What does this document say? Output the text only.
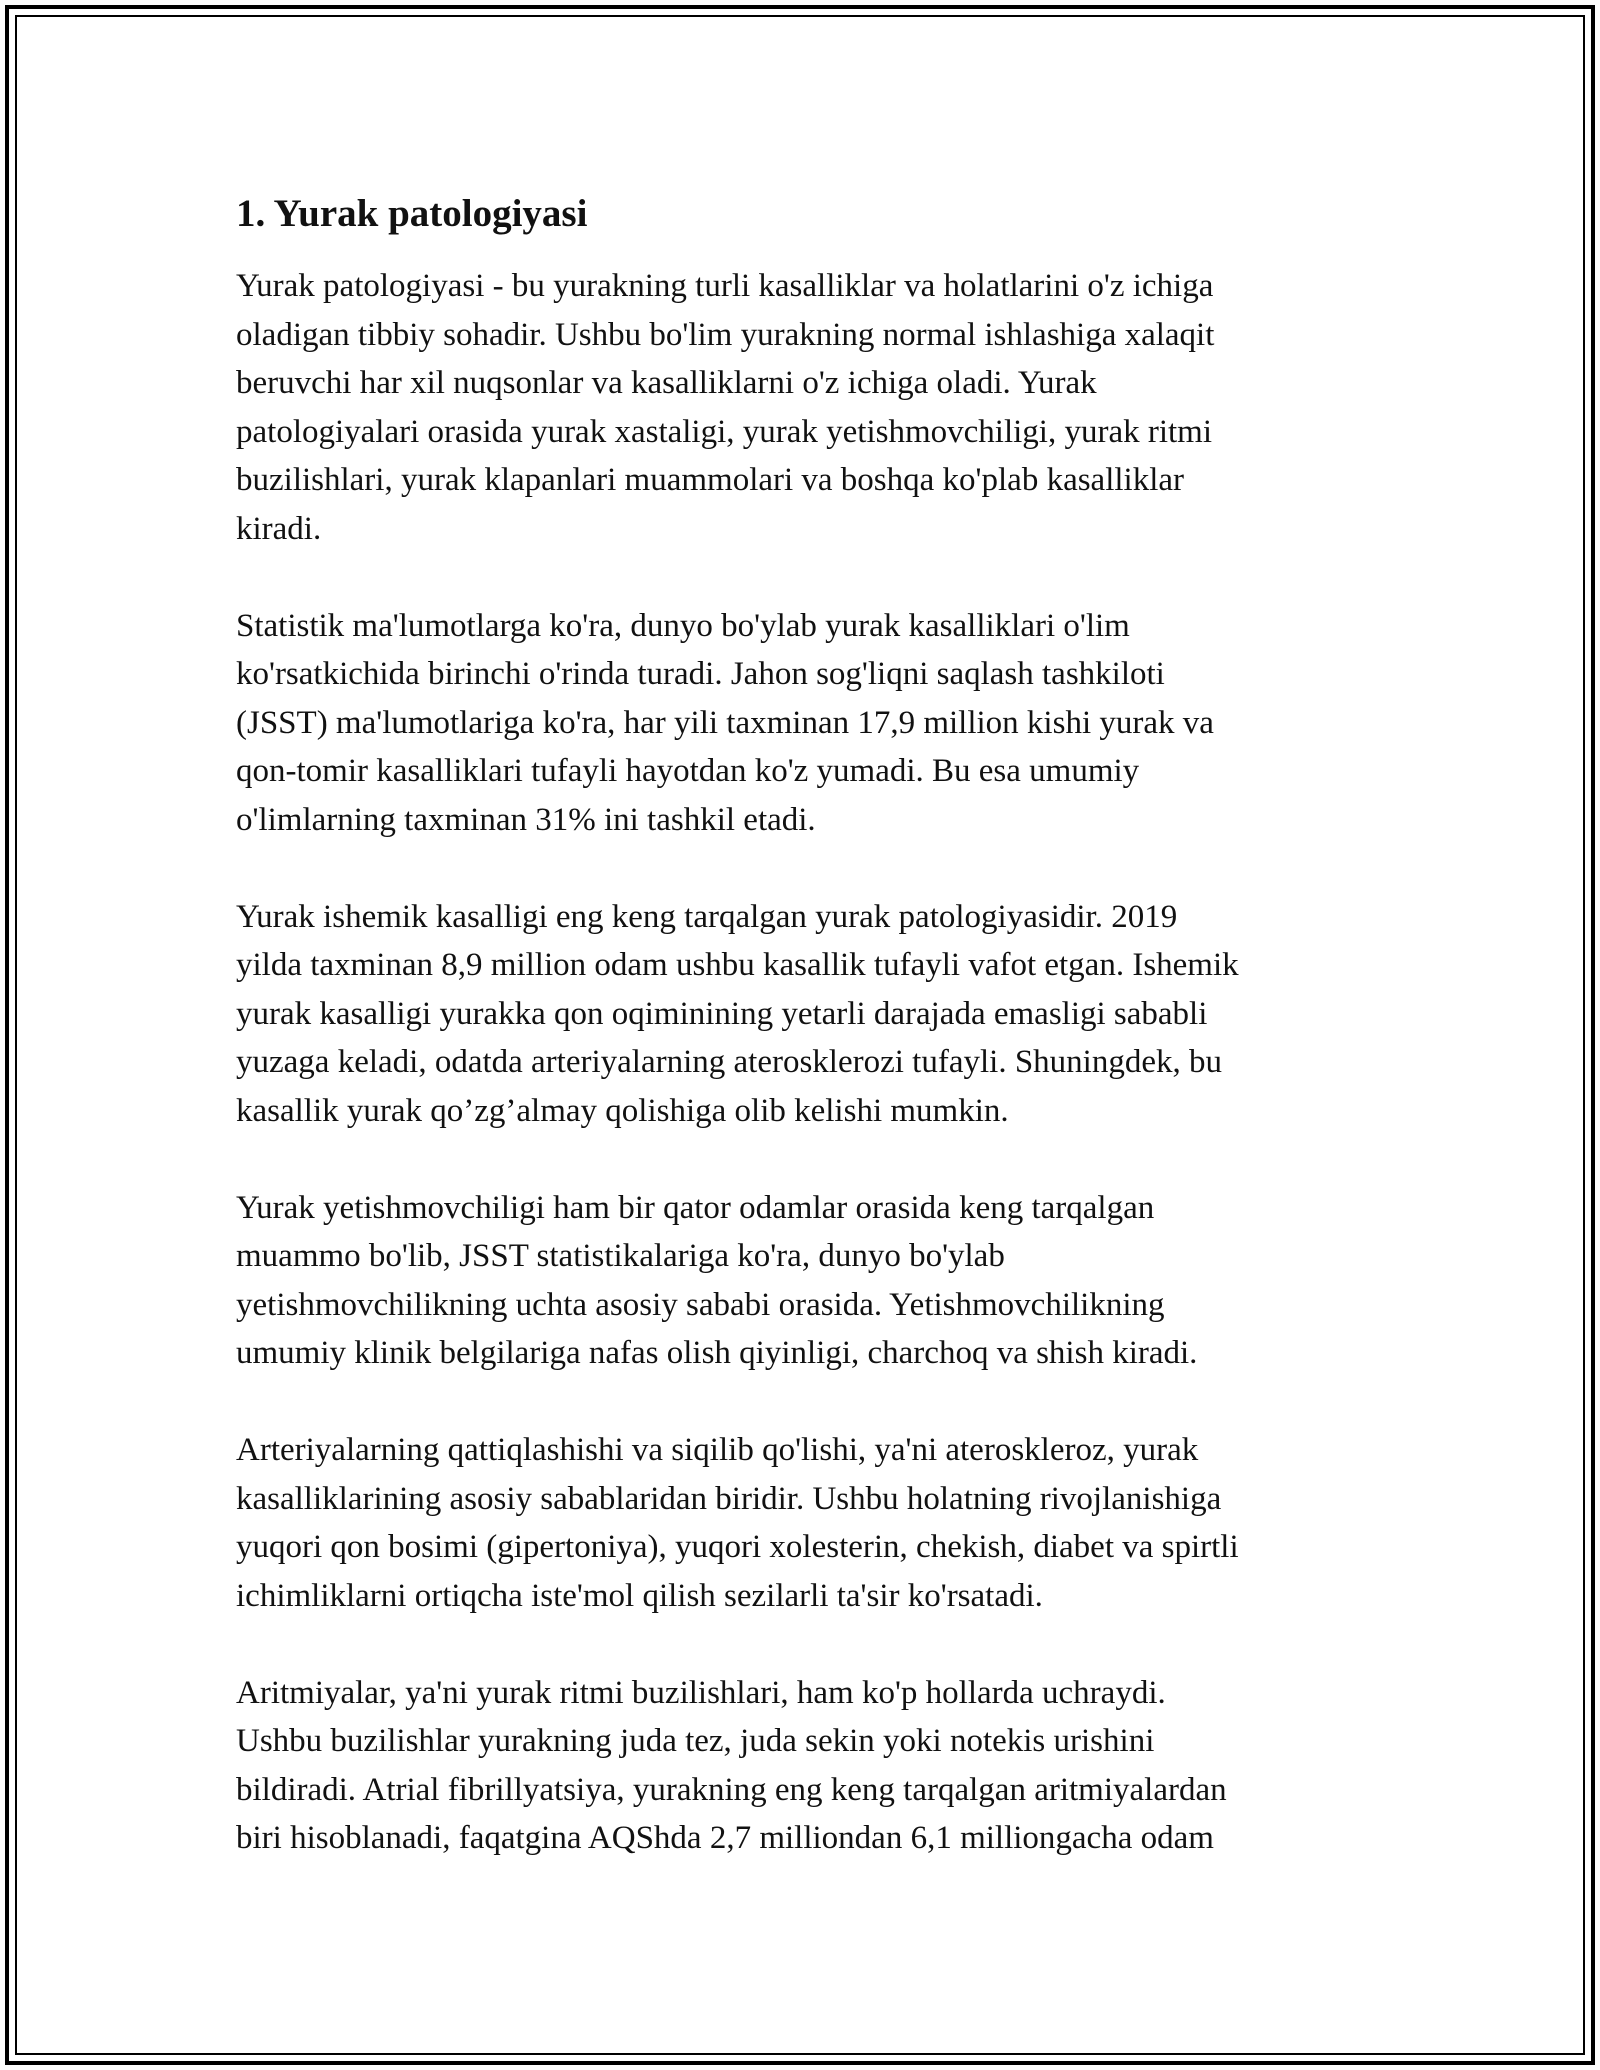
1. Yurak patologiyasi
Yurak patologiyasi - bu yurakning turli kasalliklar va holatlarini o'z ichiga
oladigan tibbiy sohadir. Ushbu bo'lim yurakning normal ishlashiga xalaqit
beruvchi har xil nuqsonlar va kasalliklarni o'z ichiga oladi. Yurak
patologiyalari orasida yurak xastaligi, yurak yetishmovchiligi, yurak ritmi
buzilishlari, yurak klapanlari muammolari va boshqa ko'plab kasalliklar
kiradi.
Statistik ma'lumotlarga ko'ra, dunyo bo'ylab yurak kasalliklari o'lim
ko'rsatkichida birinchi o'rinda turadi. Jahon sog'liqni saqlash tashkiloti
(JSST) ma'lumotlariga ko'ra, har yili taxminan 17,9 million kishi yurak va
qon-tomir kasalliklari tufayli hayotdan ko'z yumadi. Bu esa umumiy
o'limlarning taxminan 31% ini tashkil etadi.
Yurak ishemik kasalligi eng keng tarqalgan yurak patologiyasidir. 2019
yilda taxminan 8,9 million odam ushbu kasallik tufayli vafot etgan. Ishemik
yurak kasalligi yurakka qon oqiminining yetarli darajada emasligi sababli
yuzaga keladi, odatda arteriyalarning aterosklerozi tufayli. Shuningdek, bu
kasallik yurak qo’zg’almay qolishiga olib kelishi mumkin.
Yurak yetishmovchiligi ham bir qator odamlar orasida keng tarqalgan
muammo bo'lib, JSST statistikalariga ko'ra, dunyo bo'ylab
yetishmovchilikning uchta asosiy sababi orasida. Yetishmovchilikning
umumiy klinik belgilariga nafas olish qiyinligi, charchoq va shish kiradi.
Arteriyalarning qattiqlashishi va siqilib qo'lishi, ya'ni ateroskleroz, yurak
kasalliklarining asosiy sabablaridan biridir. Ushbu holatning rivojlanishiga
yuqori qon bosimi (gipertoniya), yuqori xolesterin, chekish, diabet va spirtli
ichimliklarni ortiqcha iste'mol qilish sezilarli ta'sir ko'rsatadi.
Aritmiyalar, ya'ni yurak ritmi buzilishlari, ham ko'p hollarda uchraydi.
Ushbu buzilishlar yurakning juda tez, juda sekin yoki notekis urishini
bildiradi. Atrial fibrillyatsiya, yurakning eng keng tarqalgan aritmiyalardan
biri hisoblanadi, faqatgina AQShda 2,7 milliondan 6,1 milliongacha odam
